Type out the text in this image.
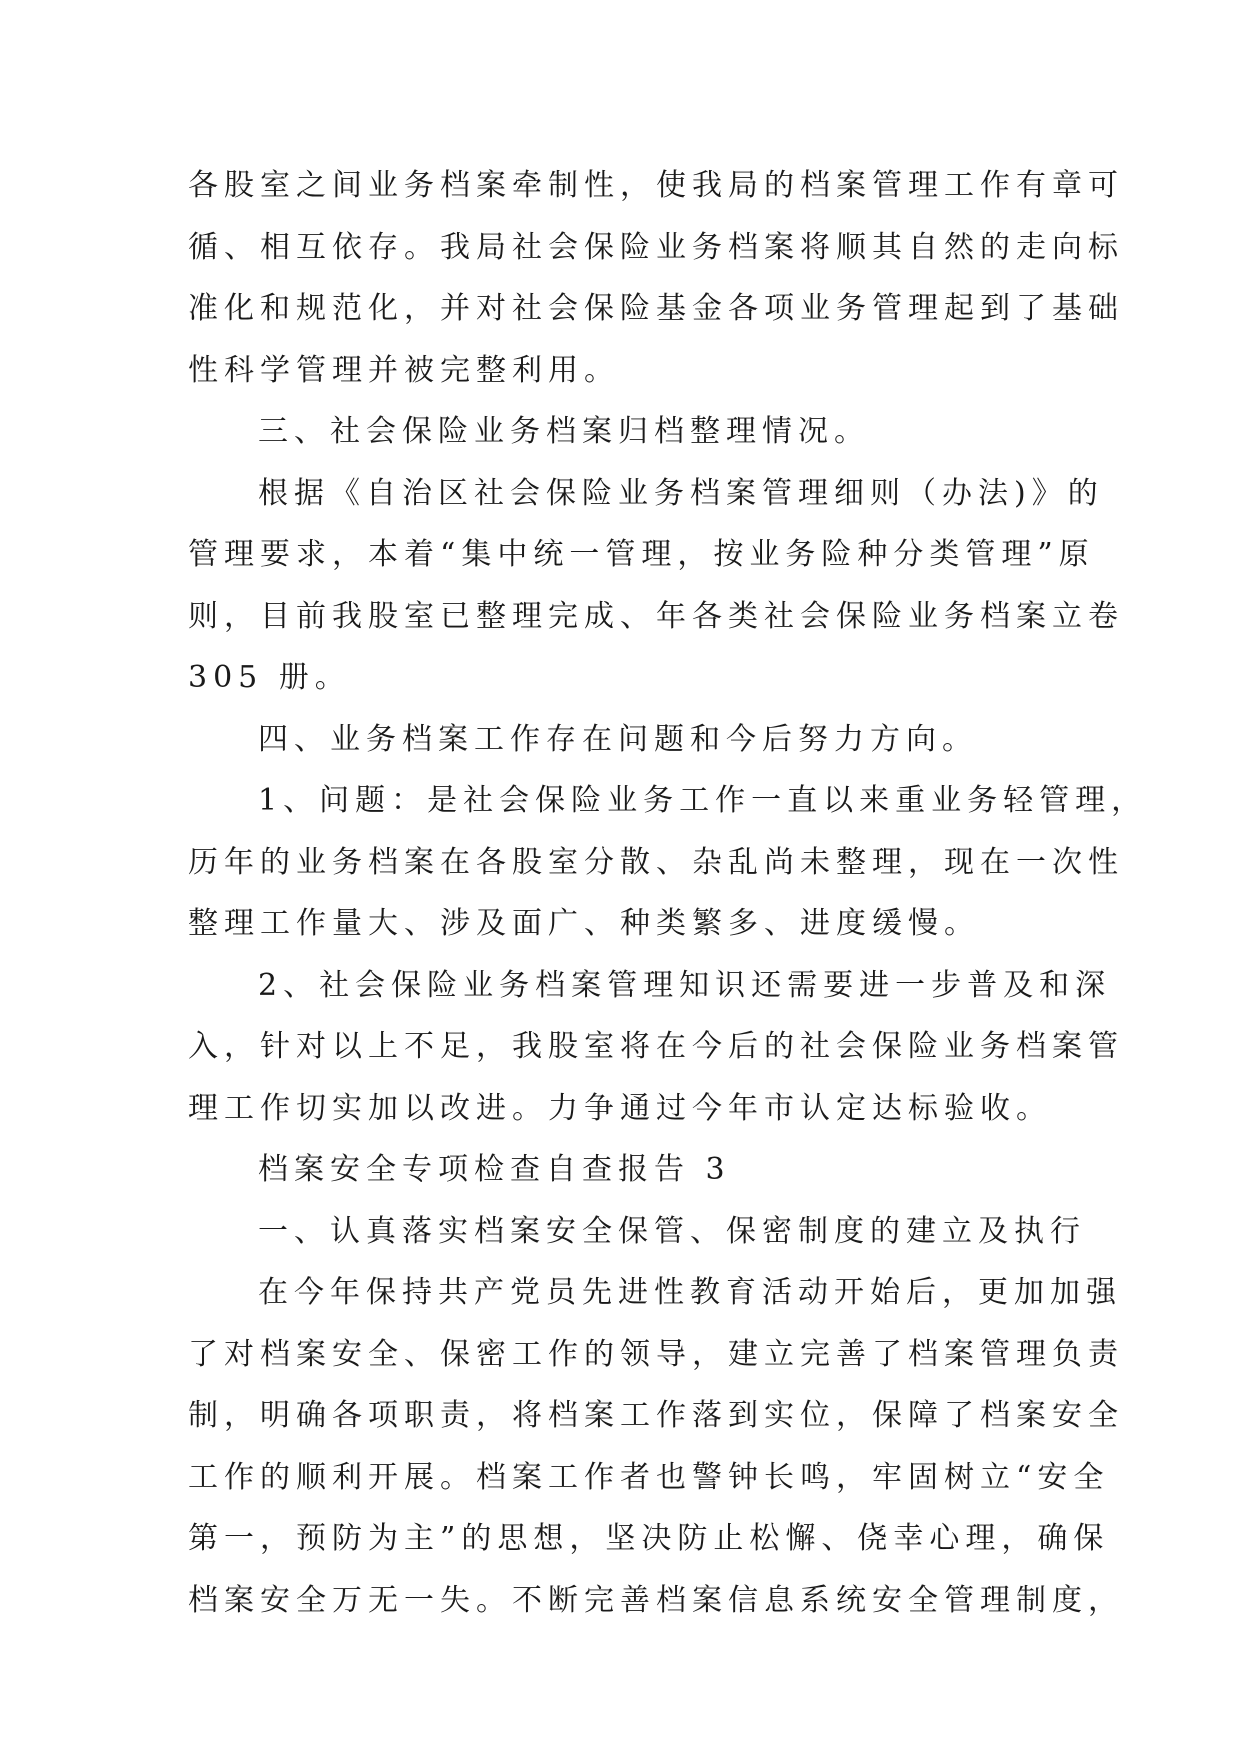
各股室之间业务档案牵制性，使我局的档案管理工作有章可
循、相互依存。我局社会保险业务档案将顺其自然的走向标
准化和规范化，并对社会保险基金各项业务管理起到了基础
性科学管理并被完整利用。
三、社会保险业务档案归档整理情况。
根据《自治区社会保险业务档案管理细则（办法)》的
管理要求，本着“集中统一管理，按业务险种分类管理”原
则，目前我股室已整理完成、年各类社会保险业务档案立卷
305 册。
四、业务档案工作存在问题和今后努力方向。
1、问题：是社会保险业务工作一直以来重业务轻管理，
历年的业务档案在各股室分散、杂乱尚未整理，现在一次性
整理工作量大、涉及面广、种类繁多、进度缓慢。
2、社会保险业务档案管理知识还需要进一步普及和深
入，针对以上不足，我股室将在今后的社会保险业务档案管
理工作切实加以改进。力争通过今年市认定达标验收。
档案安全专项检查自查报告 3
一、认真落实档案安全保管、保密制度的建立及执行
在今年保持共产党员先进性教育活动开始后，更加加强
了对档案安全、保密工作的领导，建立完善了档案管理负责
制，明确各项职责，将档案工作落到实位，保障了档案安全
工作的顺利开展。档案工作者也警钟长鸣，牢固树立“安全
第一，预防为主”的思想，坚决防止松懈、侥幸心理，确保
档案安全万无一失。不断完善档案信息系统安全管理制度，
